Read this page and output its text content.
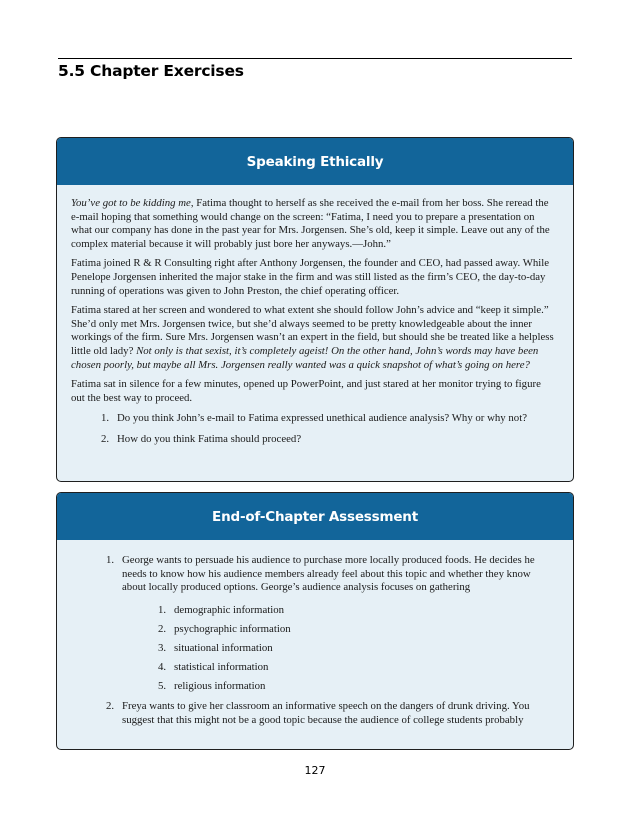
5.5 Chapter Exercises
Speaking Ethically

You’ve got to be kidding me, Fatima thought to herself as she received the e-mail from her boss. She reread the e-mail hoping that something would change on the screen: “Fatima, I need you to prepare a presentation on what our company has done in the past year for Mrs. Jorgensen. She’s old, keep it simple. Leave out any of the complex material because it will probably just bore her anyways.—John.”

Fatima joined R & R Consulting right after Anthony Jorgensen, the founder and CEO, had passed away. While Penelope Jorgensen inherited the major stake in the firm and was still listed as the firm’s CEO, the day-to-day running of operations was given to John Preston, the chief operating officer.

Fatima stared at her screen and wondered to what extent she should follow John’s advice and “keep it simple.” She’d only met Mrs. Jorgensen twice, but she’d always seemed to be pretty knowledgeable about the inner workings of the firm. Sure Mrs. Jorgensen wasn’t an expert in the field, but should she be treated like a helpless little old lady? Not only is that sexist, it’s completely ageist! On the other hand, John’s words may have been chosen poorly, but maybe all Mrs. Jorgensen really wanted was a quick snapshot of what’s going on here?

Fatima sat in silence for a few minutes, opened up PowerPoint, and just stared at her monitor trying to figure out the best way to proceed.

1. Do you think John’s e-mail to Fatima expressed unethical audience analysis? Why or why not?
2. How do you think Fatima should proceed?
End-of-Chapter Assessment
1. George wants to persuade his audience to purchase more locally produced foods. He decides he needs to know how his audience members already feel about this topic and whether they know about locally produced options. George’s audience analysis focuses on gathering
1. demographic information
2. psychographic information
3. situational information
4. statistical information
5. religious information
2. Freya wants to give her classroom an informative speech on the dangers of drunk driving. You suggest that this might not be a good topic because the audience of college students probably
127
